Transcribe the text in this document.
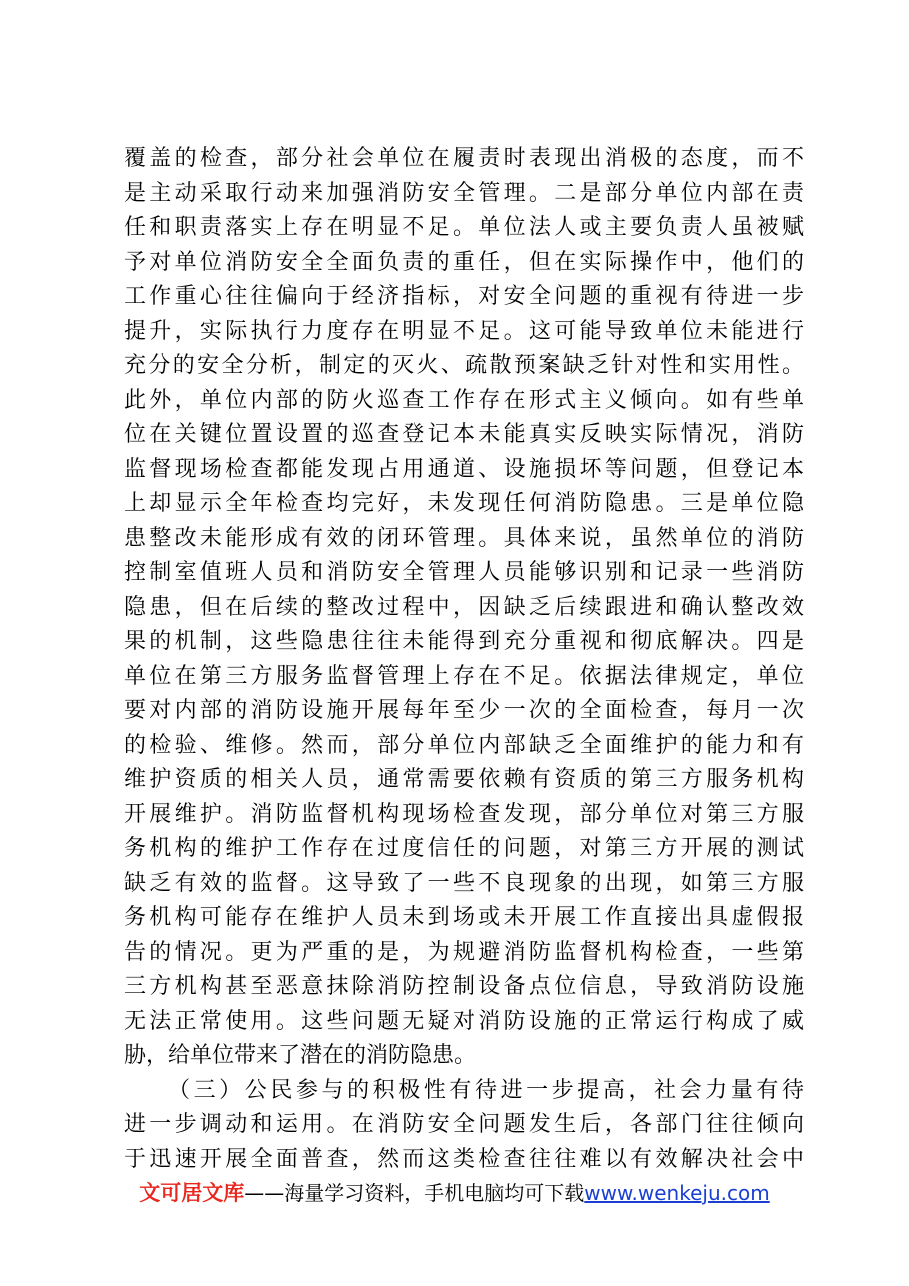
覆盖的检查，部分社会单位在履责时表现出消极的态度，而不
是主动采取行动来加强消防安全管理。二是部分单位内部在责
任和职责落实上存在明显不足。单位法人或主要负责人虽被赋
予对单位消防安全全面负责的重任，但在实际操作中，他们的
工作重心往往偏向于经济指标，对安全问题的重视有待进一步
提升，实际执行力度存在明显不足。这可能导致单位未能进行
充分的安全分析，制定的灭火、疏散预案缺乏针对性和实用性。
此外，单位内部的防火巡查工作存在形式主义倾向。如有些单
位在关键位置设置的巡查登记本未能真实反映实际情况，消防
监督现场检查都能发现占用通道、设施损坏等问题，但登记本
上却显示全年检查均完好，未发现任何消防隐患。三是单位隐
患整改未能形成有效的闭环管理。具体来说，虽然单位的消防
控制室值班人员和消防安全管理人员能够识别和记录一些消防
隐患，但在后续的整改过程中，因缺乏后续跟进和确认整改效
果的机制，这些隐患往往未能得到充分重视和彻底解决。四是
单位在第三方服务监督管理上存在不足。依据法律规定，单位
要对内部的消防设施开展每年至少一次的全面检查，每月一次
的检验、维修。然而，部分单位内部缺乏全面维护的能力和有
维护资质的相关人员，通常需要依赖有资质的第三方服务机构
开展维护。消防监督机构现场检查发现，部分单位对第三方服
务机构的维护工作存在过度信任的问题，对第三方开展的测试
缺乏有效的监督。这导致了一些不良现象的出现，如第三方服
务机构可能存在维护人员未到场或未开展工作直接出具虚假报
告的情况。更为严重的是，为规避消防监督机构检查，一些第
三方机构甚至恶意抹除消防控制设备点位信息，导致消防设施
无法正常使用。这些问题无疑对消防设施的正常运行构成了威
胁，给单位带来了潜在的消防隐患。
（三）公民参与的积极性有待进一步提高，社会力量有待
进一步调动和运用。在消防安全问题发生后，各部门往往倾向
于迅速开展全面普查，然而这类检查往往难以有效解决社会中
文可居文库——海量学习资料，手机电脑均可下载www.wenkeju.com
